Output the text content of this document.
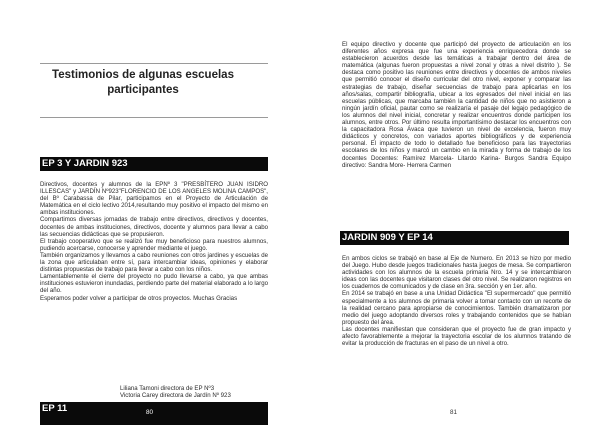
Testimonios de algunas escuelas participantes
EP 3 Y JARDIN 923

Directivos, docentes y alumnos de la EPNº 3 "PRESBÍTERO JUAN ISIDRO ILLESCAS" y JARDÍN Nº923"FLORENCIO DE LOS ANGELES MOLINA CAMPOS", del Bº Carabassa de Pilar, participamos en el Proyecto de Articulación de Matemática en el ciclo lectivo 2014,resultando muy positivo el impacto del mismo en ambas instituciones.

Compartimos diversas jornadas de trabajo entre directivos, directivos y docentes, docentes de ambas instituciones, directivos, docente y alumnos para llevar a cabo las secuencias didácticas que se propusieron.

El trabajo cooperativo que se realizó fue muy beneficioso para nuestros alumnos, pudiendo acercarse, conocerse y aprender mediante el juego.

También organizamos y llevamos a cabo reuniones con otros jardines y escuelas de la zona que articulaban entre sí, para intercambiar ideas, opiniones y elaborar distintas propuestas de trabajo para llevar a cabo con los niños.

Lamentablemente el cierre del proyecto no pudo llevarse a cabo, ya que ambas instituciones estuvieron inundadas, perdiendo parte del material elaborado a lo largo del año.

Esperamos poder volver a participar de otros proyectos. Muchas Gracias

Liliana Tamoni directora de EP Nº3
Victoria Carey directora de Jardín Nº 923
EP 11	80

El equipo directivo y docente que participó del proyecto de articulación en los diferentes años expresa que fue una experiencia enriquecedora donde se establecieron acuerdos desde las temáticas a trabajar dentro del área de matemática (algunas fueron propuestas a nivel zonal y otras a nivel distrito ). Se destaca como positivo las reuniones entre directivos y docentes de ambos niveles que permitió conocer el diseño curricular del otro nivel, exponer y comparar las estrategias de trabajo, diseñar secuencias de trabajo para aplicarlas en los años/salas, compartir bibliografía, ubicar a los egresados del nivel inicial en las escuelas públicas, que marcaba también la cantidad de niños que no asistieron a ningún jardín oficial, pautar como se realizaría el pasaje del legajo pedagógico de los alumnos del nivel inicial, concretar y realizar encuentros donde participen los alumnos, entre otros. Por último resulta importantísimo destacar los encuentros con la capacitadora Rosa Ávaca que tuvieron un nivel de excelencia, fueron muy didácticos y concretos, con variados aportes bibliográficos y de experiencia personal. El impacto de todo lo detallado fue beneficioso para las trayectorias escolares de los niños y marcó un cambio en la mirada y forma de trabajo de los docentes Docentes: Ramírez Marcela- Litardo Karina- Burgos Sandra Equipo directivo: Sandra More- Herrera Carmen

JARDIN 909 Y EP 14

En ambos ciclos se trabajó en base al Eje de Numero. En 2013 se hizo por medio del Juego. Hubo desde juegos tradicionales hasta juegos de mesa. Se compartieron actividades con los alumnos de la escuela primaria Nro. 14 y se intercambiaron ideas con las docentes que visitaron clases del otro nivel. Se realizaron registros en los cuadernos de comunicados y de clase en 3ra. sección y en 1er. año.

En 2014 se trabajó en base a una Unidad Didáctica "El supermercado" que permitió especialmente a los alumnos de primaria volver a tomar contacto con un recorte de la realidad cercano para apropiarse de conocimientos. También dramatizaron por medio del juego adoptando diversos roles y trabajando contenidos que se habían propuesto del área.

Las docentes manifiestan que consideran que el proyecto fue de gran impacto y afecto favorablemente a mejorar la trayectoria escolar de los alumnos tratando de evitar la producción de fracturas en el paso de un nivel a otro.

81
